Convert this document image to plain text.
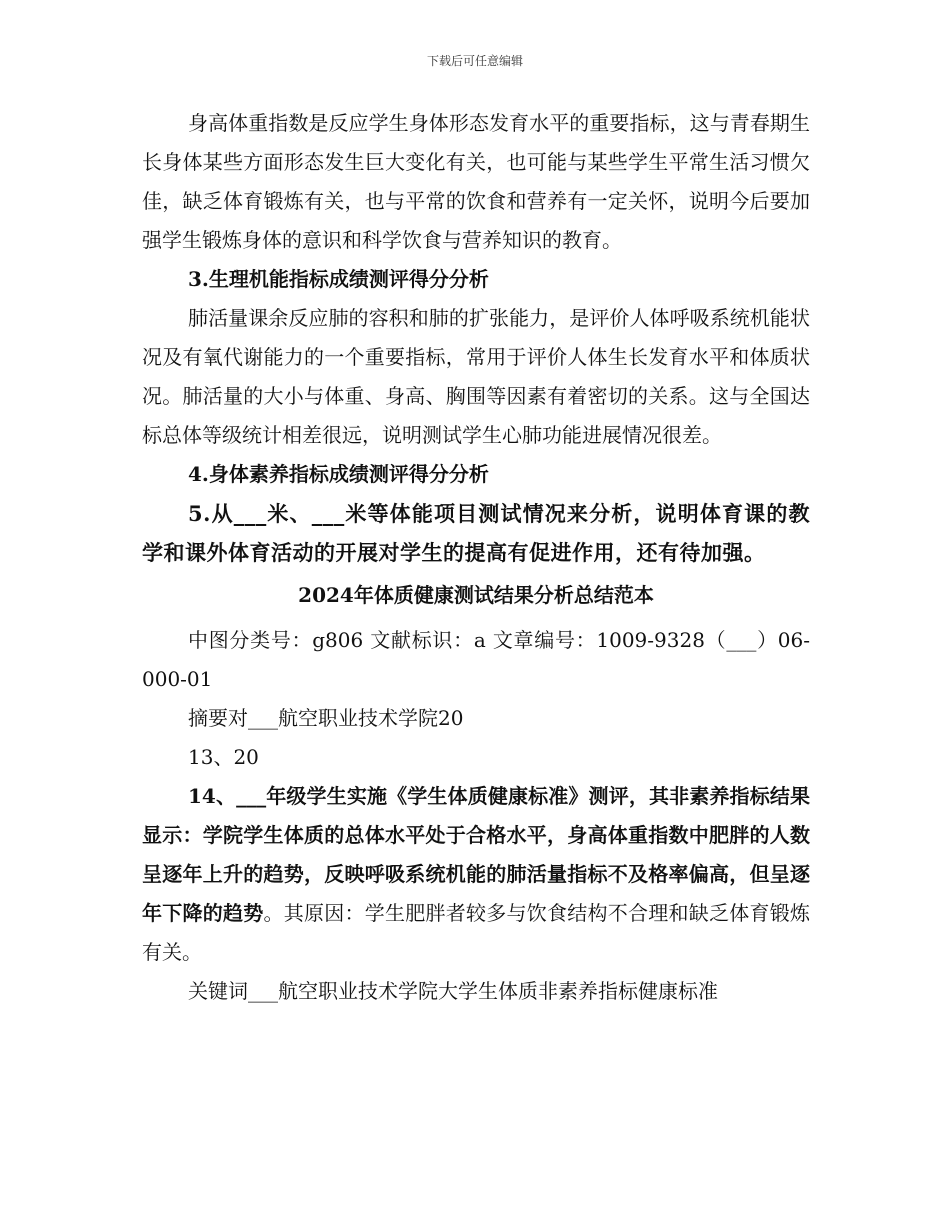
下载后可任意编辑

身高体重指数是反应学生身体形态发育水平的重要指标，这与青春期生长身体某些方面形态发生巨大变化有关，也可能与某些学生平常生活习惯欠佳，缺乏体育锻炼有关，也与平常的饮食和营养有一定关怀，说明今后要加强学生锻炼身体的意识和科学饮食与营养知识的教育。

3.生理机能指标成绩测评得分分析

肺活量课余反应肺的容积和肺的扩张能力，是评价人体呼吸系统机能状况及有氧代谢能力的一个重要指标，常用于评价人体生长发育水平和体质状况。肺活量的大小与体重、身高、胸围等因素有着密切的关系。这与全国达标总体等级统计相差很远，说明测试学生心肺功能进展情况很差。

4.身体素养指标成绩测评得分分析

5.从___米、___米等体能项目测试情况来分析，说明体育课的教学和课外体育活动的开展对学生的提高有促进作用，还有待加强。

2024年体质健康测试结果分析总结范本

中图分类号：g806 文献标识：a 文章编号：1009-9328（___）06-000-01

摘要对___航空职业技术学院20

13、20

14、___年级学生实施《学生体质健康标准》测评，其非素养指标结果显示：学院学生体质的总体水平处于合格水平，身高体重指数中肥胖的人数呈逐年上升的趋势，反映呼吸系统机能的肺活量指标不及格率偏高，但呈逐年下降的趋势。其原因：学生肥胖者较多与饮食结构不合理和缺乏体育锻炼有关。

关键词___航空职业技术学院大学生体质非素养指标健康标准
